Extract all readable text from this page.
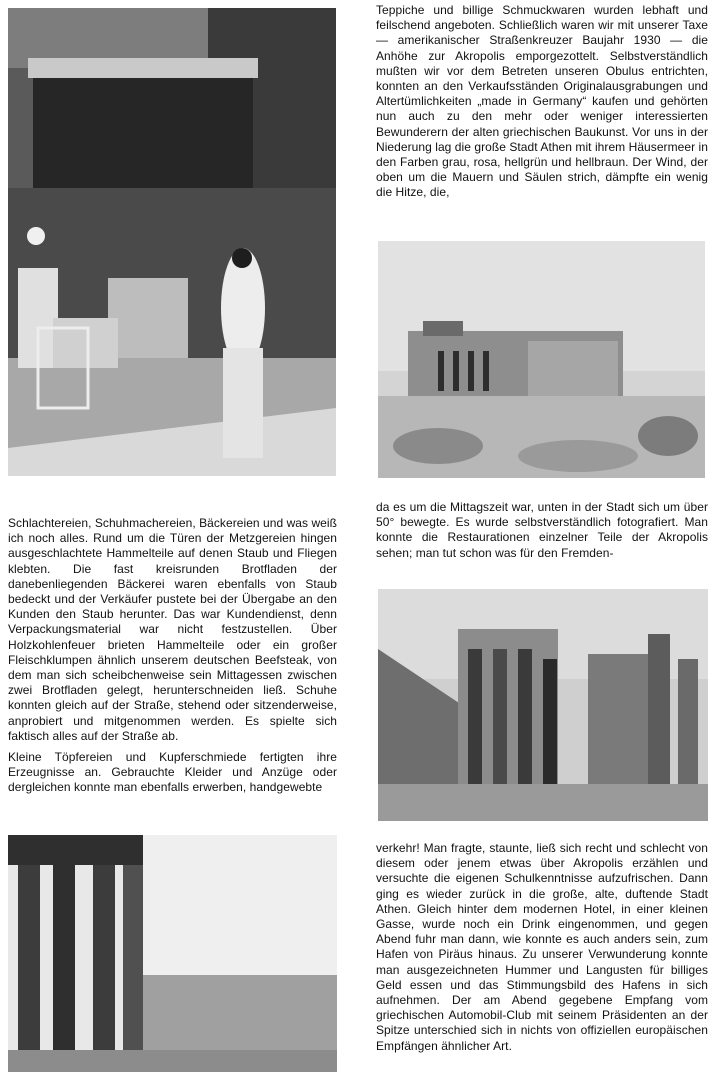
Teppiche und billige Schmuckwaren wurden lebhaft und feilschend angeboten. Schließlich waren wir mit unserer Taxe — amerikanischer Straßenkreuzer Baujahr 1930 — die Anhöhe zur Akropolis emporgezottelt. Selbstverständlich mußten wir vor dem Betreten unseren Obulus entrichten, konnten an den Verkaufsständen Originalausgrabungen und Altertümlichkeiten „made in Germany“ kaufen und gehörten nun auch zu den mehr oder weniger interessierten Bewunderern der alten griechischen Baukunst. Vor uns in der Niederung lag die große Stadt Athen mit ihrem Häusermeer in den Farben grau, rosa, hellgrün und hellbraun. Der Wind, der oben um die Mauern und Säulen strich, dämpfte ein wenig die Hitze, die,

Schlachtereien, Schuhmachereien, Bäckereien und was weiß ich noch alles. Rund um die Türen der Metzgereien hingen ausgeschlachtete Hammelteile auf denen Staub und Fliegen klebten. Die fast kreisrunden Brotfladen der danebenliegenden Bäckerei waren ebenfalls von Staub bedeckt und der Verkäufer pustete bei der Übergabe an den Kunden den Staub herunter. Das war Kundendienst, denn Verpackungsmaterial war nicht festzustellen. Über Holzkohlenfeuer brieten Hammelteile oder ein großer Fleischklumpen ähnlich unserem deutschen Beefsteak, von dem man sich scheibchenweise sein Mittagessen zwischen zwei Brotfladen gelegt, herunterschneiden ließ. Schuhe konnten gleich auf der Straße, stehend oder sitzenderweise, anprobiert und mitgenommen werden. Es spielte sich faktisch alles auf der Straße ab.

Kleine Töpfereien und Kupferschmiede fertigten ihre Erzeugnisse an. Gebrauchte Kleider und Anzüge oder dergleichen konnte man ebenfalls erwerben, handgewebte

da es um die Mittagszeit war, unten in der Stadt sich um über 50° bewegte. Es wurde selbstverständlich fotografiert. Man konnte die Restaurationen einzelner Teile der Akropolis sehen; man tut schon was für den Fremden-

verkehr! Man fragte, staunte, ließ sich recht und schlecht von diesem oder jenem etwas über Akropolis erzählen und versuchte die eigenen Schulkenntnisse aufzufrischen. Dann ging es wieder zurück in die große, alte, duftende Stadt Athen. Gleich hinter dem modernen Hotel, in einer kleinen Gasse, wurde noch ein Drink eingenommen, und gegen Abend fuhr man dann, wie konnte es auch anders sein, zum Hafen von Piräus hinaus. Zu unserer Verwunderung konnte man ausgezeichneten Hummer und Langusten für billiges Geld essen und das Stimmungsbild des Hafens in sich aufnehmen. Der am Abend gegebene Empfang vom griechischen Automobil-Club mit seinem Präsidenten an der Spitze unterschied sich in nichts von offiziellen europäischen Empfängen ähnlicher Art.
